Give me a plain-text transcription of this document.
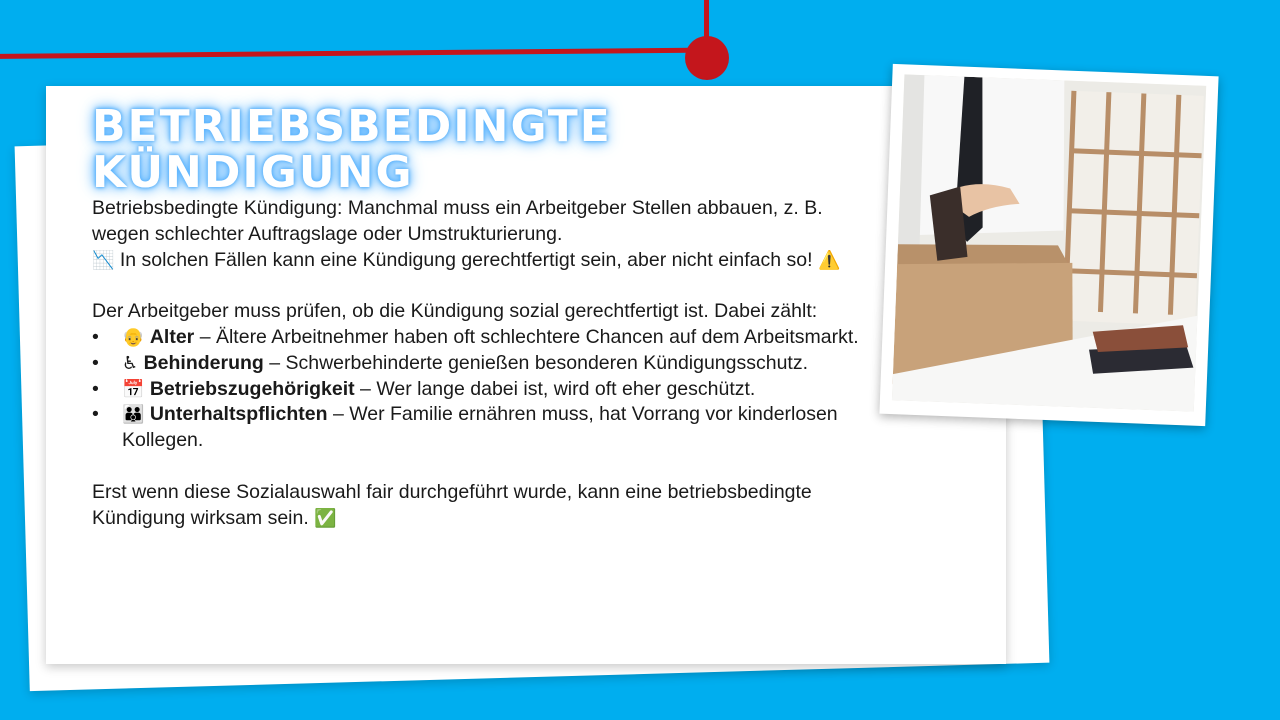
BETRIEBSBEDINGTE
KÜNDIGUNG

Betriebsbedingte Kündigung: Manchmal muss ein Arbeitgeber Stellen abbauen, z. B. wegen schlechter Auftragslage oder Umstrukturierung.
📉 In solchen Fällen kann eine Kündigung gerechtfertigt sein, aber nicht einfach so! ⚠️

Der Arbeitgeber muss prüfen, ob die Kündigung sozial gerechtfertigt ist. Dabei zählt:

• 👴 Alter – Ältere Arbeitnehmer haben oft schlechtere Chancen auf dem Arbeitsmarkt.
• ♿ Behinderung – Schwerbehinderte genießen besonderen Kündigungsschutz.
• 📅 Betriebszugehörigkeit – Wer lange dabei ist, wird oft eher geschützt.
• 👪 Unterhaltspflichten – Wer Familie ernähren muss, hat Vorrang vor kinderlosen Kollegen.

Erst wenn diese Sozialauswahl fair durchgeführt wurde, kann eine betriebsbedingte Kündigung wirksam sein. ✅
